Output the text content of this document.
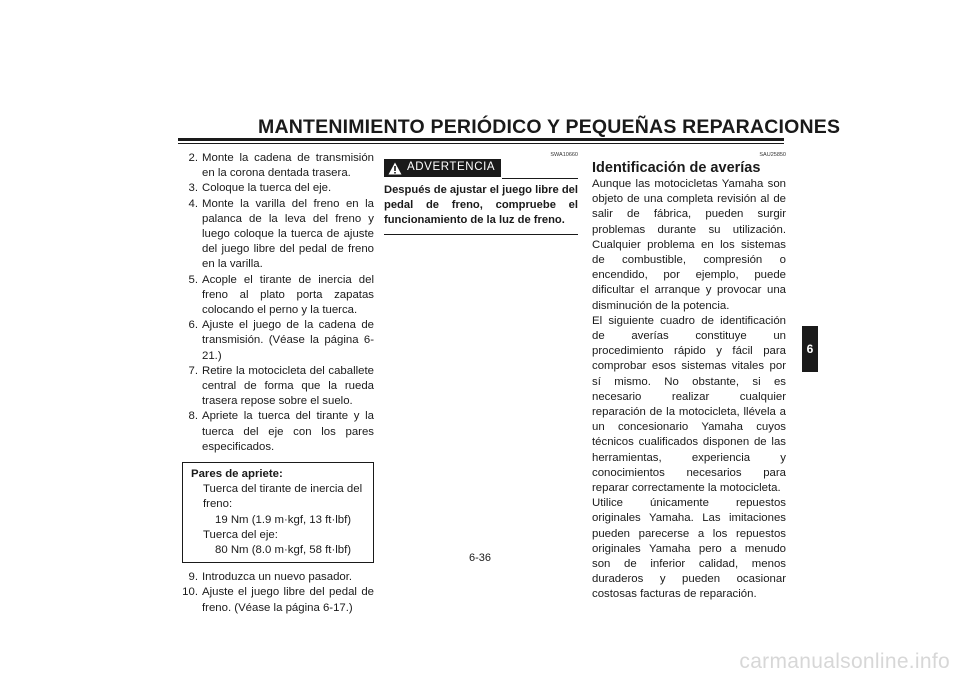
MANTENIMIENTO PERIÓDICO Y PEQUEÑAS REPARACIONES
2. Monte la cadena de transmisión en la corona dentada trasera.
3. Coloque la tuerca del eje.
4. Monte la varilla del freno en la palanca de la leva del freno y luego coloque la tuerca de ajuste del juego libre del pedal de freno en la varilla.
5. Acople el tirante de inercia del freno al plato porta zapatas colocando el perno y la tuerca.
6. Ajuste el juego de la cadena de transmisión. (Véase la página 6-21.)
7. Retire la motocicleta del caballete central de forma que la rueda trasera repose sobre el suelo.
8. Apriete la tuerca del tirante y la tuerca del eje con los pares especificados.
Pares de apriete:
Tuerca del tirante de inercia del freno:
19 Nm (1.9 m·kgf, 13 ft·lbf)
Tuerca del eje:
80 Nm (8.0 m·kgf, 58 ft·lbf)
9. Introduzca un nuevo pasador.
10. Ajuste el juego libre del pedal de freno. (Véase la página 6-17.)
SWA10660
ADVERTENCIA
Después de ajustar el juego libre del pedal de freno, compruebe el funcionamiento de la luz de freno.
SAU25850
Identificación de averías
Aunque las motocicletas Yamaha son objeto de una completa revisión al de salir de fábrica, pueden surgir problemas durante su utilización. Cualquier problema en los sistemas de combustible, compresión o encendido, por ejemplo, puede dificultar el arranque y provocar una disminución de la potencia.
El siguiente cuadro de identificación de averías constituye un procedimiento rápido y fácil para comprobar esos sistemas vitales por sí mismo. No obstante, si es necesario realizar cualquier reparación de la motocicleta, llévela a un concesionario Yamaha cuyos técnicos cualificados disponen de las herramientas, experiencia y conocimientos necesarios para reparar correctamente la motocicleta.
Utilice únicamente repuestos originales Yamaha. Las imitaciones pueden parecerse a los repuestos originales Yamaha pero a menudo son de inferior calidad, menos duraderos y pueden ocasionar costosas facturas de reparación.
6-36
6
carmanualsonline.info
